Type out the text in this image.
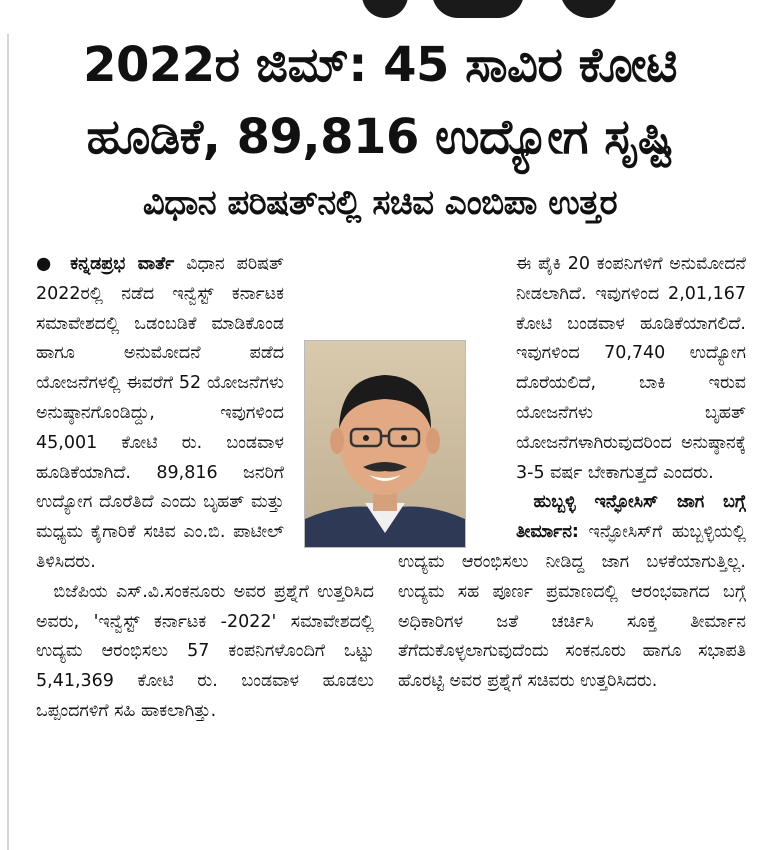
2022ರ ಜಿಮ್: 45 ಸಾವಿರ ಕೋಟಿ
ಹೂಡಿಕೆ, 89,816 ಉದ್ಯೋಗ ಸೃಷ್ಟಿ
ವಿಧಾನ ಪರಿಷತ್‌ನಲ್ಲಿ ಸಚಿವ ಎಂಬಿಪಾ ಉತ್ತರ
● ಕನ್ನಡಪ್ರಭ ವಾರ್ತೆ ವಿಧಾನ ಪರಿಷತ್ 2022ರಲ್ಲಿ ನಡೆದ ಇನ್ವೆಸ್ಟ್ ಕರ್ನಾಟಕ ಸಮಾವೇಶದಲ್ಲಿ ಒಡಂಬಡಿಕೆ ಮಾಡಿಕೊಂಡ ಹಾಗೂ ಅನುಮೋದನೆ ಪಡೆದ ಯೋಜನೆಗಳಲ್ಲಿ ಈವರೆಗೆ 52 ಯೋಜನೆಗಳು ಅನುಷ್ಠಾನಗೊಂಡಿದ್ದು, ಇವುಗಳಿಂದ 45,001 ಕೋಟಿ ರು. ಬಂಡವಾಳ ಹೂಡಿಕೆಯಾಗಿದೆ. 89,816 ಜನರಿಗೆ ಉದ್ಯೋಗ ದೊರೆತಿದೆ ಎಂದು ಬೃಹತ್ ಮತ್ತು ಮಧ್ಯಮ ಕೈಗಾರಿಕೆ ಸಚಿವ ಎಂ.ಬಿ. ಪಾಟೀಲ್ ತಿಳಿಸಿದರು.
 ಬಿಜೆಪಿಯ ಎಸ್.ವಿ.ಸಂಕನೂರು ಅವರ ಪ್ರಶ್ನೆಗೆ ಉತ್ತರಿಸಿದ ಅವರು, 'ಇನ್ವೆಸ್ಟ್ ಕರ್ನಾಟಕ -2022' ಸಮಾವೇಶದಲ್ಲಿ ಉದ್ಯಮ ಆರಂಭಿಸಲು 57 ಕಂಪನಿಗಳೊಂದಿಗೆ ಒಟ್ಟು 5,41,369 ಕೋಟಿ ರು. ಬಂಡವಾಳ ಹೂಡಲು ಒಪ್ಪಂದಗಳಿಗೆ ಸಹಿ ಹಾಕಲಾಗಿತ್ತು.
ಈ ಪೈಕಿ 20 ಕಂಪನಿಗಳಿಗೆ ಅನುಮೋದನೆ ನೀಡಲಾಗಿದೆ. ಇವುಗಳಿಂದ 2,01,167 ಕೋಟಿ ಬಂಡವಾಳ ಹೂಡಿಕೆಯಾಗಲಿದೆ. ಇವುಗಳಿಂದ 70,740 ಉದ್ಯೋಗ ದೊರೆಯಲಿದೆ, ಬಾಕಿ ಇರುವ ಯೋಜನೆಗಳು ಬೃಹತ್ ಯೋಜನೆಗಳಾಗಿರುವುದರಿಂದ ಅನುಷ್ಠಾನಕ್ಕೆ 3-5 ವರ್ಷ ಬೇಕಾಗುತ್ತದೆ ಎಂದರು.
 ಹುಬ್ಬಳ್ಳಿ ಇನ್ಫೋಸಿಸ್ ಜಾಗ ಬಗ್ಗೆ ತೀರ್ಮಾನ: ಇನ್ಫೋಸಿಸ್‌ಗೆ ಹುಬ್ಬಳ್ಳಿಯಲ್ಲಿ ಉದ್ಯಮ ಆರಂಭಿಸಲು ನೀಡಿದ್ದ ಜಾಗ ಬಳಕೆಯಾಗುತ್ತಿಲ್ಲ. ಉದ್ಯಮ ಸಹ ಪೂರ್ಣ ಪ್ರಮಾಣದಲ್ಲಿ ಆರಂಭವಾಗದ ಬಗ್ಗೆ ಅಧಿಕಾರಿಗಳ ಜತೆ ಚರ್ಚಿಸಿ ಸೂಕ್ತ ತೀರ್ಮಾನ ತೆಗೆದುಕೊಳ್ಳಲಾಗುವುದೆಂದು ಸಂಕನೂರು ಹಾಗೂ ಸಭಾಪತಿ ಹೊರಟ್ಟಿ ಅವರ ಪ್ರಶ್ನೆಗೆ ಸಚಿವರು ಉತ್ತರಿಸಿದರು.
